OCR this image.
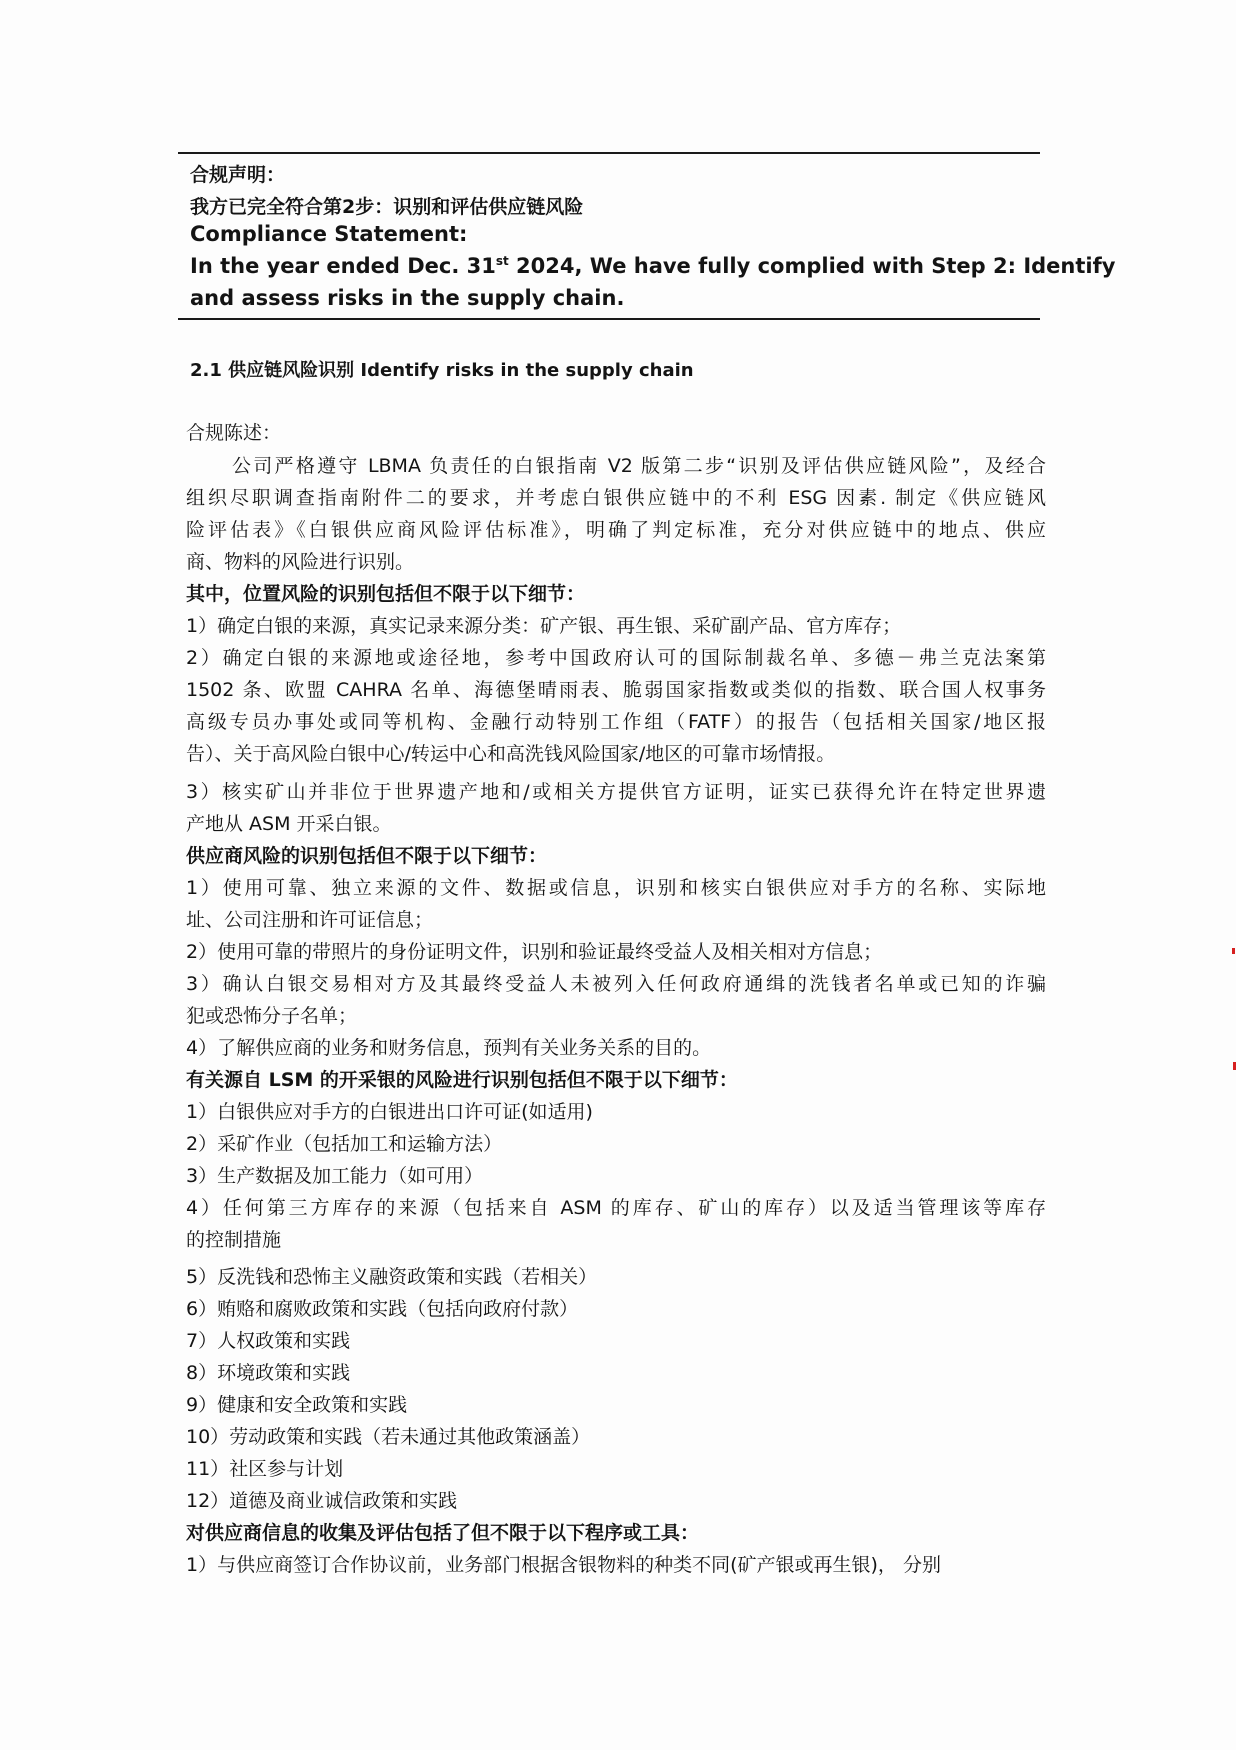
合规声明：
我方已完全符合第2步：识别和评估供应链风险
Compliance Statement:
In the year ended Dec. 31st 2024, We have fully complied with Step 2: Identify
and assess risks in the supply chain.
2.1 供应链风险识别 Identify risks in the supply chain
合规陈述：
公司严格遵守 LBMA 负责任的白银指南 V2 版第二步“识别及评估供应链风险”，及经合
组织尽职调查指南附件二的要求，并考虑白银供应链中的不利 ESG 因素. 制定《供应链风
险评估表》《白银供应商风险评估标准》，明确了判定标准，充分对供应链中的地点、供应
商、物料的风险进行识别。
其中，位置风险的识别包括但不限于以下细节：
1）确定白银的来源，真实记录来源分类：矿产银、再生银、采矿副产品、官方库存；
2）确定白银的来源地或途径地，参考中国政府认可的国际制裁名单、多德－弗兰克法案第
1502 条、欧盟 CAHRA 名单、海德堡晴雨表、脆弱国家指数或类似的指数、联合国人权事务
高级专员办事处或同等机构、金融行动特别工作组（FATF）的报告（包括相关国家/地区报
告）、关于高风险白银中心/转运中心和高洗钱风险国家/地区的可靠市场情报。
3）核实矿山并非位于世界遗产地和/或相关方提供官方证明，证实已获得允许在特定世界遗
产地从 ASM 开采白银。
供应商风险的识别包括但不限于以下细节：
1）使用可靠、独立来源的文件、数据或信息，识别和核实白银供应对手方的名称、实际地
址、公司注册和许可证信息；
2）使用可靠的带照片的身份证明文件，识别和验证最终受益人及相关相对方信息；
3）确认白银交易相对方及其最终受益人未被列入任何政府通缉的洗钱者名单或已知的诈骗
犯或恐怖分子名单；
4）了解供应商的业务和财务信息，预判有关业务关系的目的。
有关源自 LSM 的开采银的风险进行识别包括但不限于以下细节：
1）白银供应对手方的白银进出口许可证(如适用)
2）采矿作业（包括加工和运输方法）
3）生产数据及加工能力（如可用）
4）任何第三方库存的来源（包括来自 ASM 的库存、矿山的库存）以及适当管理该等库存
的控制措施
5）反洗钱和恐怖主义融资政策和实践（若相关）
6）贿赂和腐败政策和实践（包括向政府付款）
7）人权政策和实践
8）环境政策和实践
9）健康和安全政策和实践
10）劳动政策和实践（若未通过其他政策涵盖）
11）社区参与计划
12）道德及商业诚信政策和实践
对供应商信息的收集及评估包括了但不限于以下程序或工具：
1）与供应商签订合作协议前，业务部门根据含银物料的种类不同(矿产银或再生银)， 分别
